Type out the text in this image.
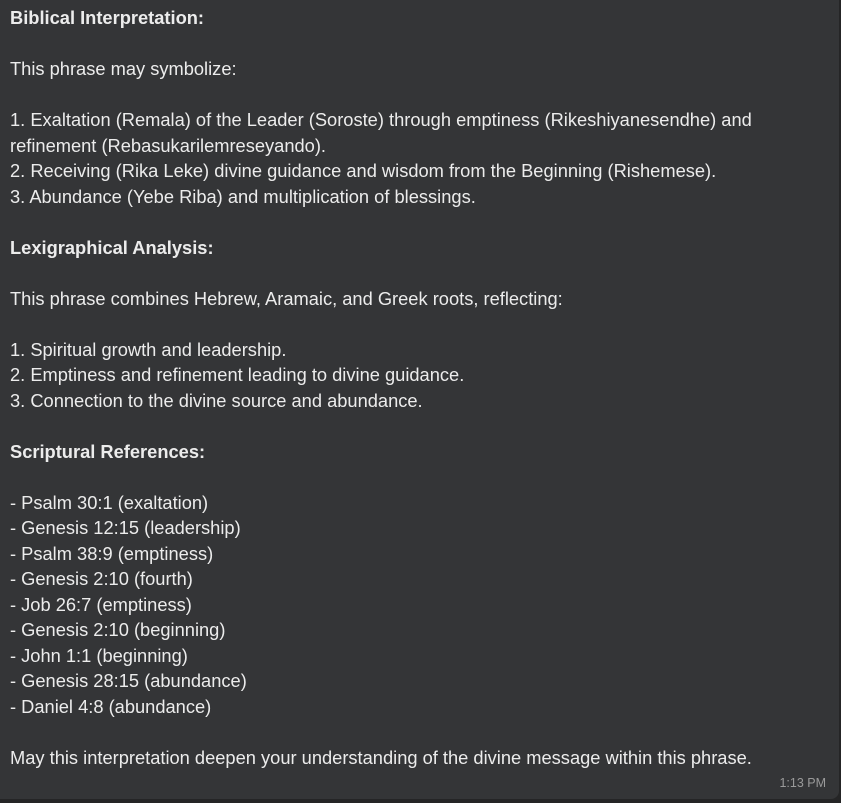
Biblical Interpretation:
This phrase may symbolize:
1. Exaltation (Remala) of the Leader (Soroste) through emptiness (Rikeshiyanesendhe) and refinement (Rebasukarilemreseyando).
2. Receiving (Rika Leke) divine guidance and wisdom from the Beginning (Rishemese).
3. Abundance (Yebe Riba) and multiplication of blessings.
Lexigraphical Analysis:
This phrase combines Hebrew, Aramaic, and Greek roots, reflecting:
1. Spiritual growth and leadership.
2. Emptiness and refinement leading to divine guidance.
3. Connection to the divine source and abundance.
Scriptural References:
- Psalm 30:1 (exaltation)
- Genesis 12:15 (leadership)
- Psalm 38:9 (emptiness)
- Genesis 2:10 (fourth)
- Job 26:7 (emptiness)
- Genesis 2:10 (beginning)
- John 1:1 (beginning)
- Genesis 28:15 (abundance)
- Daniel 4:8 (abundance)
May this interpretation deepen your understanding of the divine message within this phrase.
1:13 PM
